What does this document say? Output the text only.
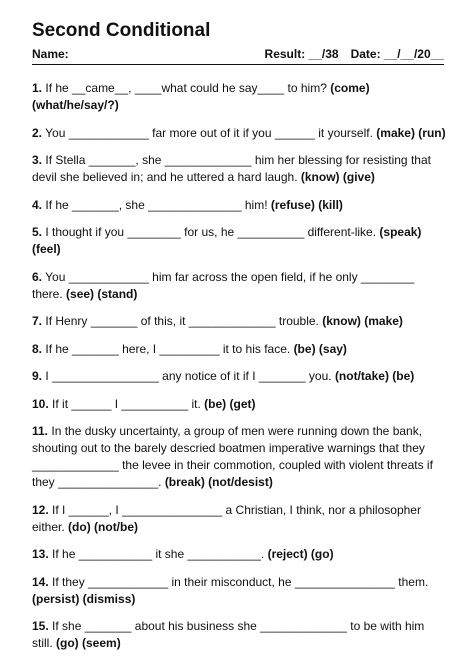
Second Conditional
Name:	Result: __/38 Date: __/__/20__

1. If he __came__, ____what could he say____ to him? (come) (what/he/say/?)

2. You ____________ far more out of it if you ______ it yourself. (make) (run)

3. If Stella _______, she _____________ him her blessing for resisting that devil she believed in; and he uttered a hard laugh. (know) (give)

4. If he _______, she ______________ him! (refuse) (kill)

5. I thought if you ________ for us, he __________ different-like. (speak) (feel)

6. You ____________ him far across the open field, if he only ________ there. (see) (stand)

7. If Henry _______ of this, it _____________ trouble. (know) (make)

8. If he _______ here, I _________ it to his face. (be) (say)

9. I ________________ any notice of it if I _______ you. (not/take) (be)

10. If it ______ I __________ it. (be) (get)

11. In the dusky uncertainty, a group of men were running down the bank, shouting out to the barely descried boatmen imperative warnings that they _____________ the levee in their commotion, coupled with violent threats if they _______________. (break) (not/desist)

12. If I ______, I _______________ a Christian, I think, nor a philosopher either. (do) (not/be)

13. If he ___________ it she ___________. (reject) (go)

14. If they ____________ in their misconduct, he _______________ them. (persist) (dismiss)

15. If she _______ about his business she _____________ to be with him still. (go) (seem)
